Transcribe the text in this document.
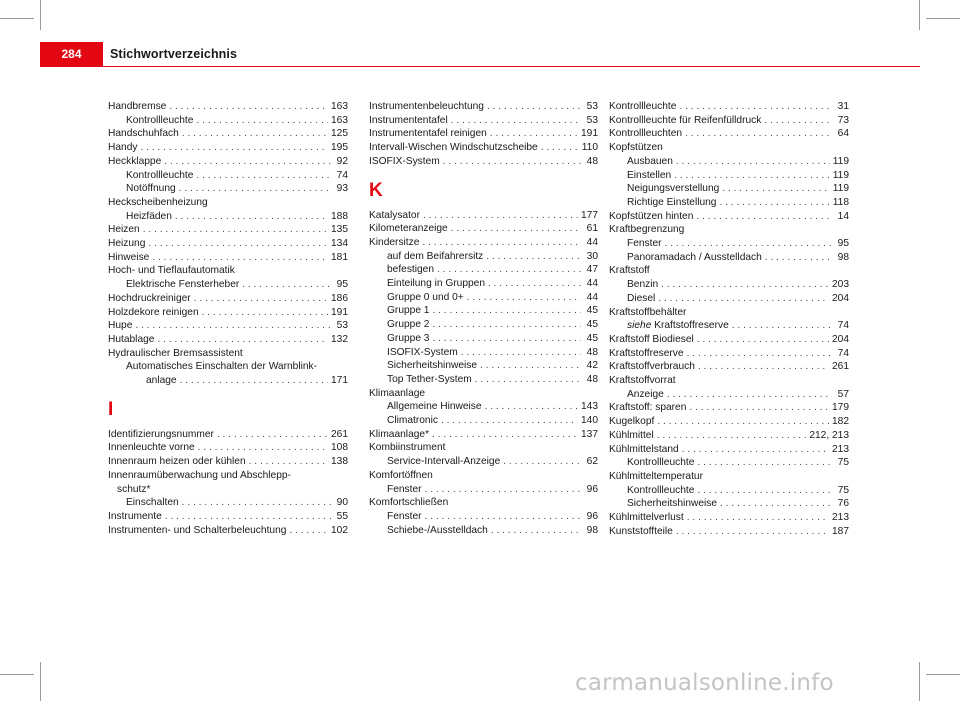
284	Stichwortverzeichnis
Handbremse . . .	163
Kontrollleuchte . . .	163
Handschuhfach . . .	125
Handy . . .	195
Heckklappe . . .	92
Kontrollleuchte . . .	74
Notöffnung . . .	93
Heckscheibenheizung
Heizfäden . . .	188
Heizen . . .	135
Heizung . . .	134
Hinweise . . .	181
Hoch- und Tieflaufautomatik
Elektrische Fensterheber . . .	95
Hochdruckreiniger . . .	186
Holzdekore reinigen . . .	191
Hupe . . .	53
Hutablage . . .	132
Hydraulischer Bremsassistent
Automatisches Einschalten der Warnblink-
anlage . . .	171
I
Identifizierungsnummer . . .	261
Innenleuchte vorne . . .	108
Innenraum heizen oder kühlen . . .	138
Innenraumüberwachung und Abschlepp-
schutz*
Einschalten . . .	90
Instrumente . . .	55
Instrumenten- und Schalterbeleuchtung . . .	102
Instrumentenbeleuchtung . . .	53
Instrumententafel . . .	53
Instrumententafel reinigen . . .	191
Intervall-Wischen Windschutzscheibe . . .	110
ISOFIX-System . . .	48
K
Katalysator . . .	177
Kilometeranzeige . . .	61
Kindersitze . . .	44
auf dem Beifahrersitz . . .	30
befestigen . . .	47
Einteilung in Gruppen . . .	44
Gruppe 0 und 0+ . . .	44
Gruppe 1 . . .	45
Gruppe 2 . . .	45
Gruppe 3 . . .	45
ISOFIX-System . . .	48
Sicherheitshinweise . . .	42
Top Tether-System . . .	48
Klimaanlage
Allgemeine Hinweise . . .	143
Climatronic . . .	140
Klimaanlage* . . .	137
Kombiinstrument
Service-Intervall-Anzeige . . .	62
Komfortöffnen
Fenster . . .	96
Komfortschließen
Fenster . . .	96
Schiebe-/Ausstelldach . . .	98
Kontrollleuchte . . .	31
Kontrollleuchte für Reifenfülldruck . . .	73
Kontrollleuchten . . .	64
Kopfstützen
Ausbauen . . .	119
Einstellen . . .	119
Neigungsverstellung . . .	119
Richtige Einstellung . . .	118
Kopfstützen hinten . . .	14
Kraftbegrenzung
Fenster . . .	95
Panoramadach / Ausstelldach . . .	98
Kraftstoff
Benzin . . .	203
Diesel . . .	204
Kraftstoffbehälter
siehe Kraftstoffreserve . . .	74
Kraftstoff Biodiesel . . .	204
Kraftstoffreserve . . .	74
Kraftstoffverbrauch . . .	261
Kraftstoffvorrat
Anzeige . . .	57
Kraftstoff: sparen . . .	179
Kugelkopf . . .	182
Kühlmittel . . .	212, 213
Kühlmittelstand . . .	213
Kontrollleuchte . . .	75
Kühlmitteltemperatur
Kontrollleuchte . . .	75
Sicherheitshinweise . . .	76
Kühlmittelverlust . . .	213
Kunststoffteile . . .	187
carmanualsonline.info
